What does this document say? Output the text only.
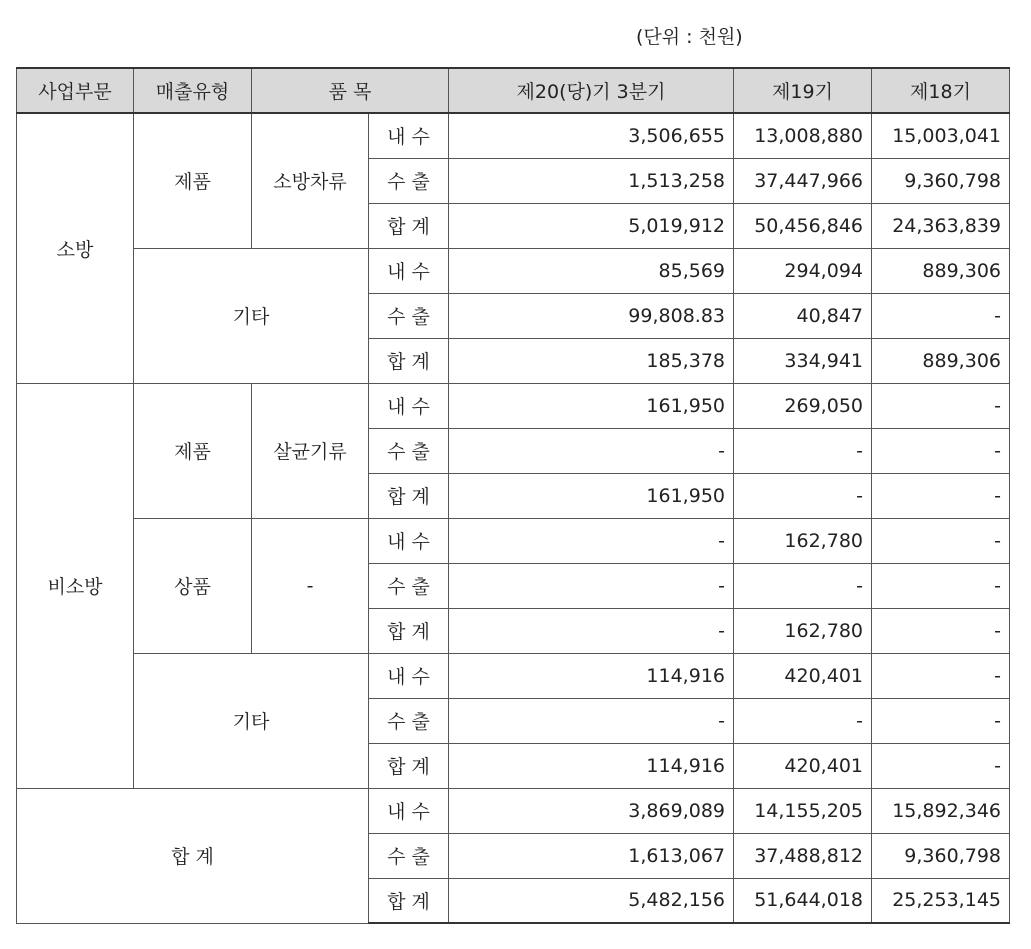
(단위 : 천원)
사업부문	매출유형	품 목		제20(당)기 3분기	제19기	제18기
소방	제품	소방차류	내 수	3,506,655	13,008,880	15,003,041
			수 출	1,513,258	37,447,966	9,360,798
			합 계	5,019,912	50,456,846	24,363,839
	기타		내 수	85,569	294,094	889,306
			수 출	99,808.83	40,847	-
			합 계	185,378	334,941	889,306
비소방	제품	살균기류	내 수	161,950	269,050	-
			수 출	-	-	-
			합 계	161,950	-	-
	상품	-	내 수	-	162,780	-
			수 출	-	-	-
			합 계	-	162,780	-
	기타		내 수	114,916	420,401	-
			수 출	-	-	-
			합 계	114,916	420,401	-
합 계			내 수	3,869,089	14,155,205	15,892,346
			수 출	1,613,067	37,488,812	9,360,798
			합 계	5,482,156	51,644,018	25,253,145
